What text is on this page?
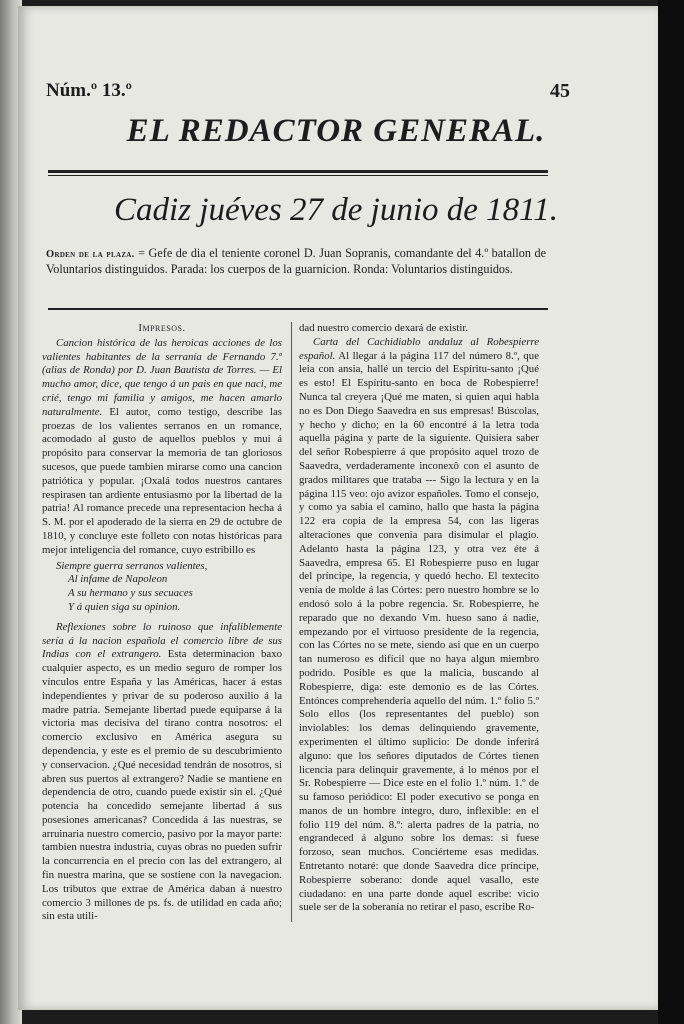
Núm.º 13.º	45
EL REDACTOR GENERAL.
Cadiz juéves 27 de junio de 1811.
Orden de la plaza. = Gefe de dia el teniente coronel D. Juan Sopranis, comandante del 4.º batallon de Voluntarios distinguidos. Parada: los cuerpos de la guarnicion. Ronda: Voluntarios distinguidos.
Impresos.

Cancion histórica de las heroicas acciones de los valientes habitantes de la serranía de Fernando 7.º (alias de Ronda) por D. Juan Bautista de Torres. — El mucho amor, dice, que tengo á un pais en que naci, me crié, tengo mi familia y amigos, me hacen amarlo naturalmente. El autor, como testigo, describe las proezas de los valientes serranos en un romance, acomodado al gusto de aquellos pueblos y mui á propósito para conservar la memoria de tan gloriosos sucesos, que puede tambien mirarse como una cancion patriótica y popular. ¡Oxalá todos nuestros cantares respirasen tan ardiente entusiasmo por la libertad de la patria! Al romance precede una representacion hecha á S. M. por el apoderado de la sierra en 29 de octubre de 1810, y concluye este folleto con notas históricas para mejor inteligencia del romance, cuyo estribillo es

Siempre guerra serranos valientes,
Al infame de Napoleon
A su hermano y sus secuaces
Y á quien siga su opinion.

Reflexiones sobre lo ruinoso que infaliblemente sería á la nacion española el comercio libre de sus Indias con el extrangero. Esta determinacion baxo cualquier aspecto, es un medio seguro de romper los vínculos entre España y las Américas, hacer á estas independientes y privar de su poderoso auxilio á la madre patria. Semejante libertad puede equiparse á la victoria mas decisiva del tirano contra nosotros: el comercio exclusivo en América asegura su dependencia, y este es el premio de su descubrimiento y conservacion. ¿Qué necesidad tendrán de nosotros, si abren sus puertos al extrangero? Nadie se mantiene en dependencia de otro, cuando puede existir sin el. ¿Qué potencia ha concedido semejante libertad á sus posesiones americanas? Concedida á las nuestras, se arruinaria nuestro comercio, pasivo por la mayor parte: tambien nuestra industria, cuyas obras no pueden sufrir la concurrencia en el precio con las del extrangero, al fin nuestra marina, que se sostiene con la navegacion. Los tributos que extrae de América daban á nuestro comercio 3 millones de ps. fs. de utilidad en cada año; sin esta utili-

dad nuestro comercio dexará de existir.

Carta del Cachidiablo andaluz al Robespierre español. Al llegar á la página 117 del número 8.º, que leia con ansia, hallé un tercio del Espíritu-santo ¡Qué es esto! El Espíritu-santo en boca de Robespierre! Nunca tal creyera ¡Qué me maten, si quien aqui habla no es Don Diego Saavedra en sus empresas! Búscolas, y hecho y dicho; en la 60 encontré á la letra toda aquella página y parte de la siguiente. Quisiera saber del señor Robespierre á que propósito aquel trozo de Saavedra, verdaderamente inconexô con el asunto de grados militares que trataba --- Sigo la lectura y en la página 115 veo: ojo avizor españoles. Tomo el consejo, y como ya sabia el camino, hallo que hasta la página 122 era copia de la empresa 54, con las ligeras alteraciones que convenia para disimular el plagio. Adelanto hasta la página 123, y otra vez éte á Saavedra, empresa 65. El Robespierre puso en lugar del príncipe, la regencia, y quedó hecho. El textecito venía de molde á las Córtes: pero nuestro hombre se lo endosó solo á la pobre regencia. Sr. Robespierre, he reparado que no dexando Vm. hueso sano á nadie, empezando por el virtuoso presidente de la regencia, con las Córtes no se mete, siendo asi que en un cuerpo tan numeroso es difícil que no haya algun miembro podrido. Posible es que la malicia, buscando al Robespierre, diga: este demonio es de las Córtes. Entónces comprehenderia aquello del núm. 1.º folio 5.º Solo ellos (los representantes del pueblo) son inviolables: los demas delinquiendo gravemente, experimenten el último suplicio: De donde inferirá alguno: que los señores diputados de Córtes tienen licencia para delinquir gravemente, á lo ménos por el Sr. Robespierre — Dice este en el folio 1.º núm. 1.º de su famoso periódico: El poder executivo se ponga en manos de un hombre íntegro, duro, inflexible: en el folio 119 del núm. 8.º: alerta padres de la patria, no engrandeced á alguno sobre los demas: si fuese forzoso, sean muchos. Conciérteme esas medidas. Entretanto notaré: que donde Saavedra dice príncipe, Robespierre soberano: donde aquel vasallo, este ciudadano: en una parte donde aquel escribe: vicio suele ser de la soberanía no retirar el paso, escribe Ro-
